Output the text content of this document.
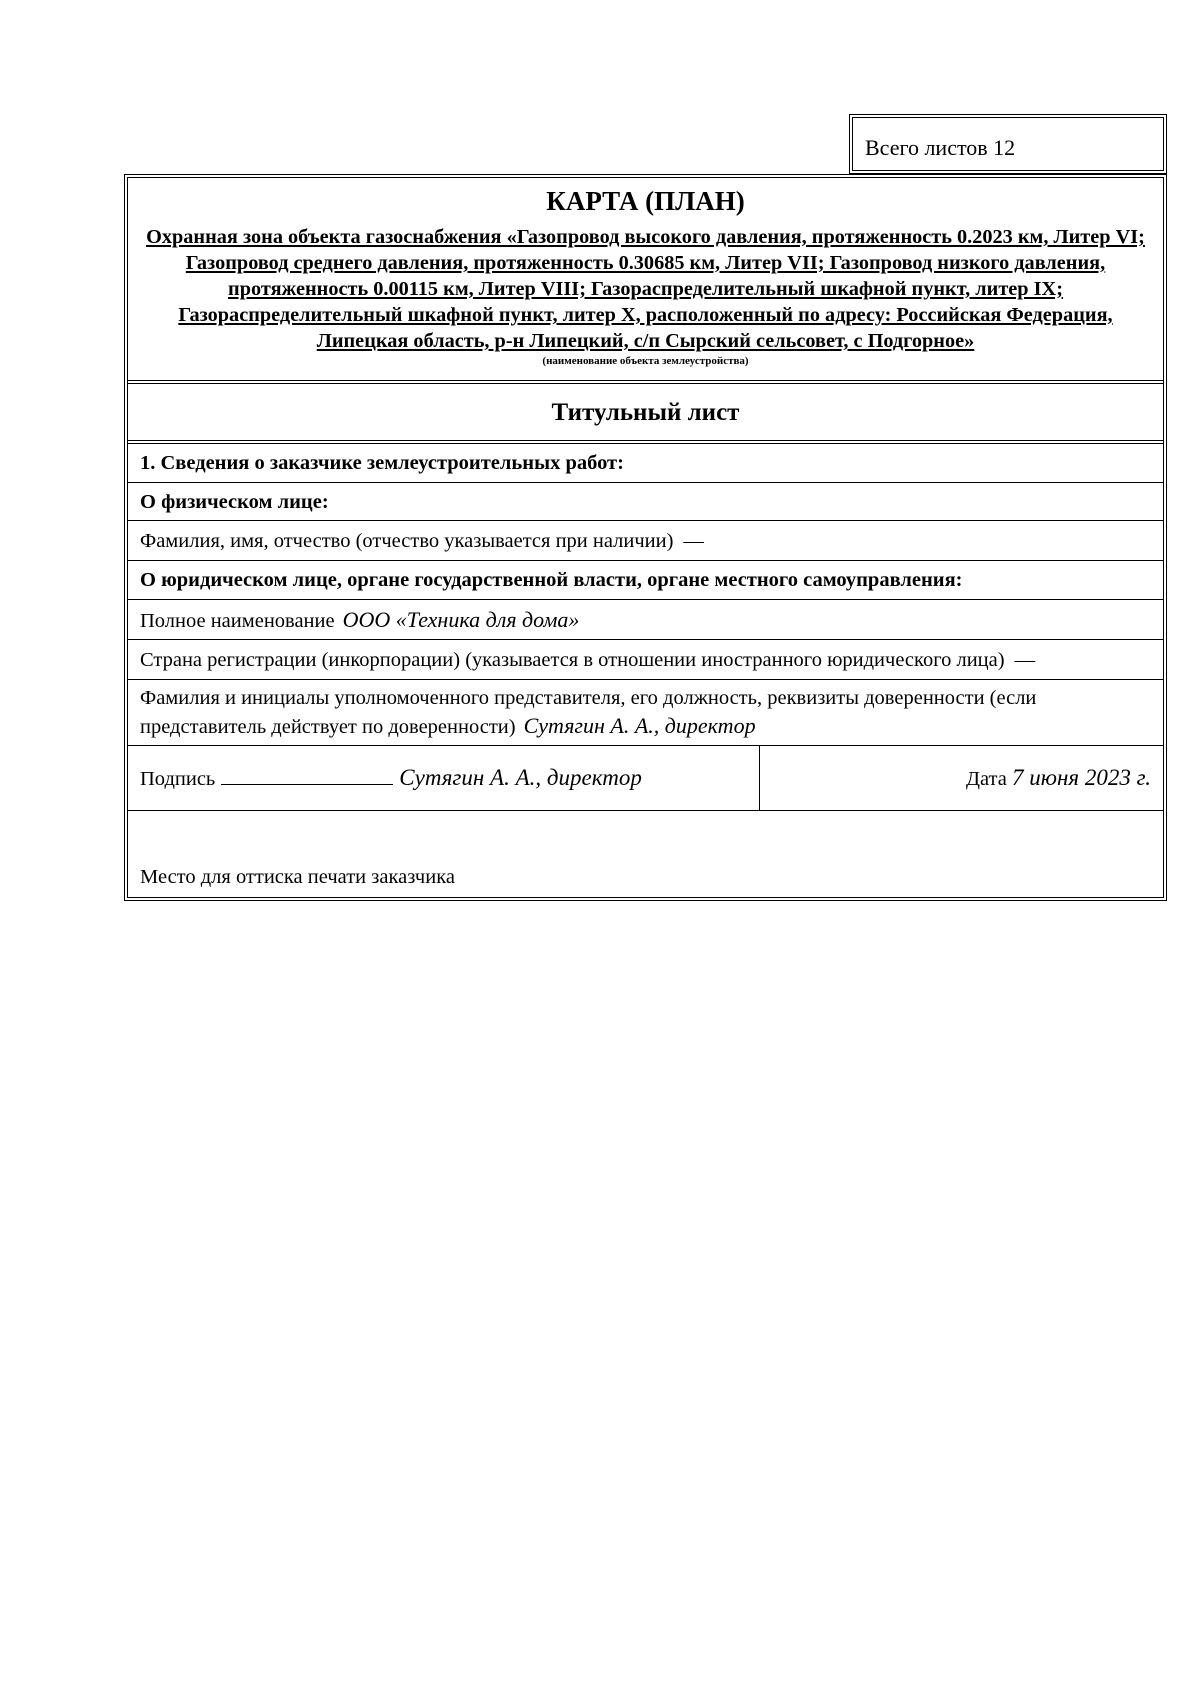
Всего листов 12
КАРТА (ПЛАН)
Охранная зона объекта газоснабжения «Газопровод высокого давления, протяженность 0.2023 км, Литер VI; Газопровод среднего давления, протяженность 0.30685 км, Литер VII; Газопровод низкого давления, протяженность 0.00115 км, Литер VIII; Газораспределительный шкафной пункт, литер IX; Газораспределительный шкафной пункт, литер X, расположенный по адресу: Российская Федерация, Липецкая область, р-н Липецкий, с/п Сырский сельсовет, с Подгорное»
(наименование объекта землеустройства)
Титульный лист
1. Сведения о заказчике землеустроительных работ:
О физическом лице:
Фамилия, имя, отчество (отчество указывается при наличии) —
О юридическом лице, органе государственной власти, органе местного самоуправления:
Полное наименование ООО «Техника для дома»
Страна регистрации (инкорпорации) (указывается в отношении иностранного юридического лица) —
Фамилия и инициалы уполномоченного представителя, его должность, реквизиты доверенности (если представитель действует по доверенности) Сутягин А. А., директор
Подпись	Сутягин А. А., директор	Дата 7 июня 2023 г.
Место для оттиска печати заказчика
